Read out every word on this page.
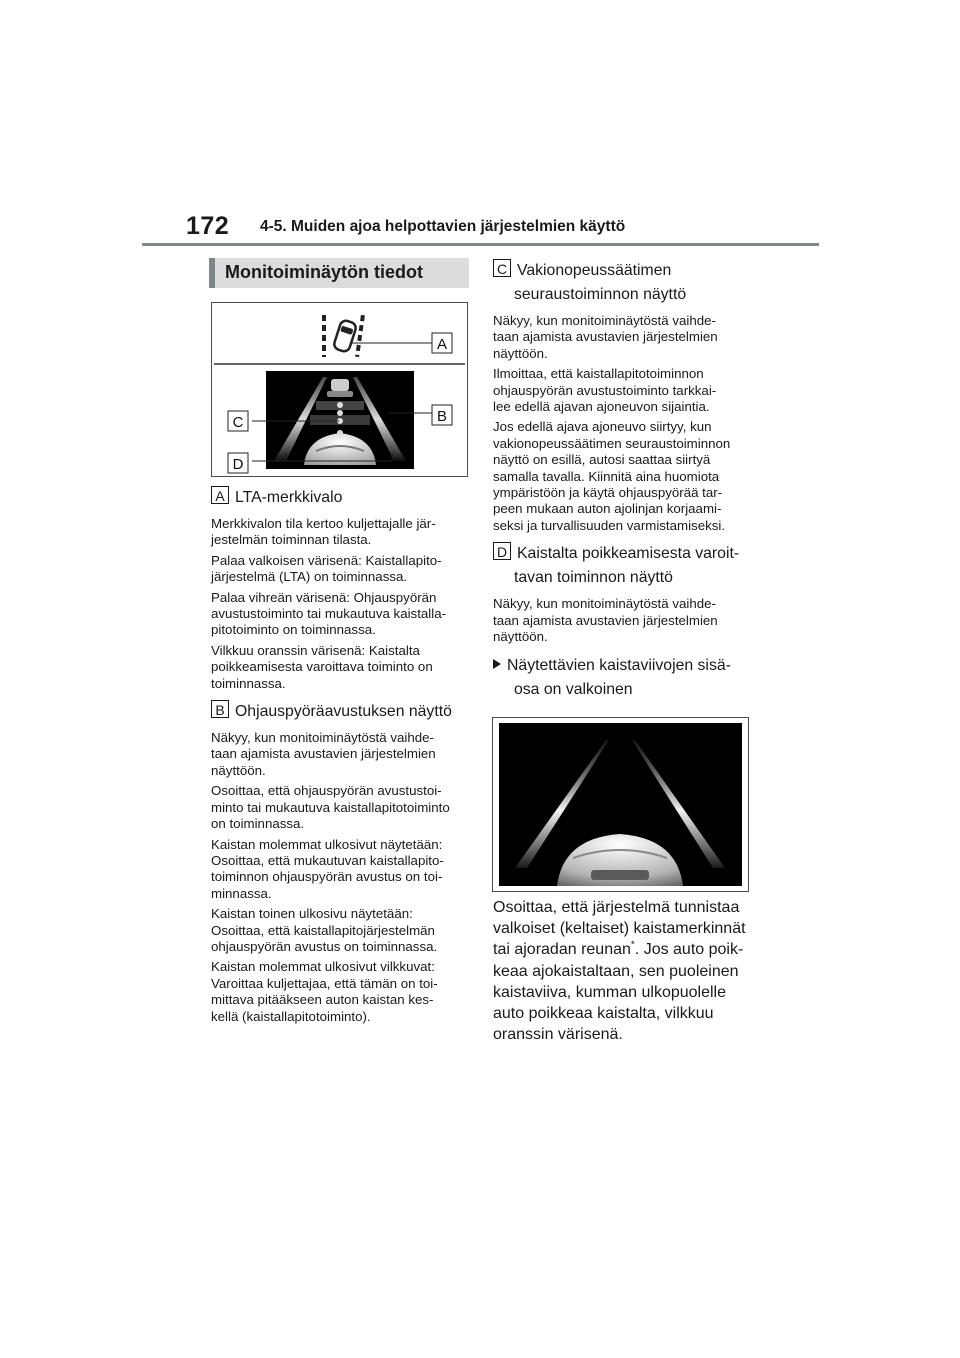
172 4-5. Muiden ajoa helpottavien järjestelmien käyttö
Monitoiminäytön tiedot
A
B
C
D
A LTA-merkkivalo

Merkkivalon tila kertoo kuljettajalle jär-
jestelmän toiminnan tilasta.

Palaa valkoisen värisenä: Kaistallapito-
järjestelmä (LTA) on toiminnassa.

Palaa vihreän värisenä: Ohjauspyörän
avustustoiminto tai mukautuva kaistalla-
pitotoiminto on toiminnassa.

Vilkkuu oranssin värisenä: Kaistalta
poikkeamisesta varoittava toiminto on
toiminnassa.

B Ohjauspyöräavustuksen näyttö

Näkyy, kun monitoiminäytöstä vaihde-
taan ajamista avustavien järjestelmien
näyttöön.

Osoittaa, että ohjauspyörän avustustoi-
minto tai mukautuva kaistallapitotoiminto
on toiminnassa.

Kaistan molemmat ulkosivut näytetään:
Osoittaa, että mukautuvan kaistallapito-
toiminnon ohjauspyörän avustus on toi-
minnassa.

Kaistan toinen ulkosivu näytetään:
Osoittaa, että kaistallapitojärjestelmän
ohjauspyörän avustus on toiminnassa.

Kaistan molemmat ulkosivut vilkkuvat:
Varoittaa kuljettajaa, että tämän on toi-
mittava pitääkseen auton kaistan kes-
kellä (kaistallapitotoiminto).

C Vakionopeussäätimen
seuraustoiminnon näyttö

Näkyy, kun monitoiminäytöstä vaihde-
taan ajamista avustavien järjestelmien
näyttöön.

Ilmoittaa, että kaistallapitotoiminnon
ohjauspyörän avustustoiminto tarkkai-
lee edellä ajavan ajoneuvon sijaintia.

Jos edellä ajava ajoneuvo siirtyy, kun
vakionopeussäätimen seuraustoiminnon
näyttö on esillä, autosi saattaa siirtyä
samalla tavalla. Kiinnitä aina huomiota
ympäristöön ja käytä ohjauspyörää tar-
peen mukaan auton ajolinjan korjaami-
seksi ja turvallisuuden varmistamiseksi.

D Kaistalta poikkeamisesta varoit-
tavan toiminnon näyttö

Näkyy, kun monitoiminäytöstä vaihde-
taan ajamista avustavien järjestelmien
näyttöön.

Näytettävien kaistaviivojen sisä-
osa on valkoinen
Osoittaa, että järjestelmä tunnistaa
valkoiset (keltaiset) kaistamerkinnät
tai ajoradan reunan*. Jos auto poik-
keaa ajokaistaltaan, sen puoleinen
kaistaviiva, kumman ulkopuolelle
auto poikkeaa kaistalta, vilkkuu
oranssin värisenä.
